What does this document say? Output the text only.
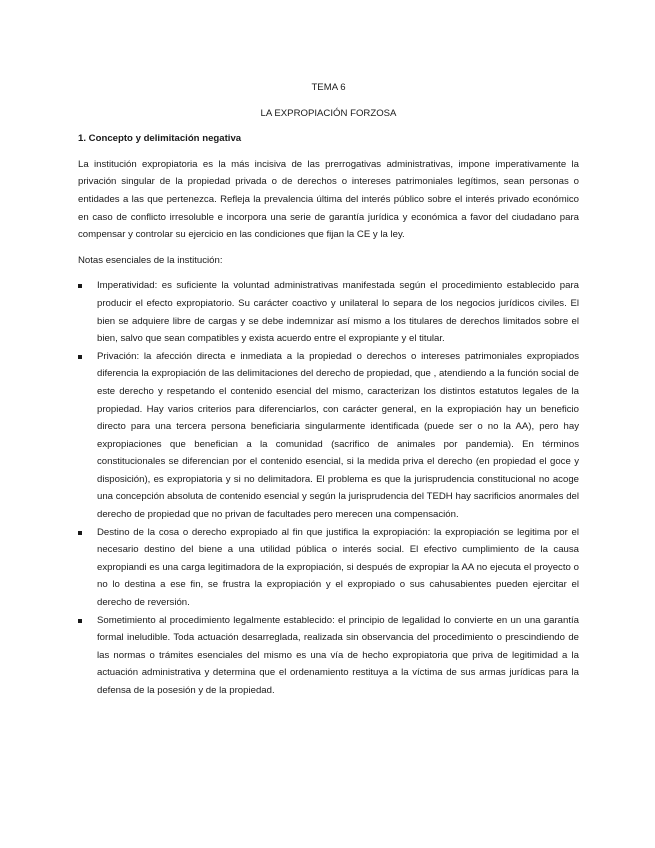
TEMA 6

LA EXPROPIACIÓN FORZOSA

1. Concepto y delimitación negativa

La institución expropiatoria es la más incisiva de las prerrogativas administrativas, impone imperativamente la privación singular de la propiedad privada o de derechos o intereses patrimoniales legítimos, sean personas o entidades a las que pertenezca. Refleja la prevalencia última del interés público sobre el interés privado económico en caso de conflicto irresoluble e incorpora una serie de garantía jurídica y económica a favor del ciudadano para compensar y controlar su ejercicio en las condiciones que fijan la CE y la ley.

Notas esenciales de la institución:

Imperatividad: es suficiente la voluntad administrativas manifestada según el procedimiento establecido para producir el efecto expropiatorio. Su carácter coactivo y unilateral lo separa de los negocios jurídicos civiles. El bien se adquiere libre de cargas y se debe indemnizar así mismo a los titulares de derechos limitados sobre el bien, salvo que sean compatibles y exista acuerdo entre el expropiante y el titular.
Privación: la afección directa e inmediata a la propiedad o derechos o intereses patrimoniales expropiados diferencia la expropiación de las delimitaciones del derecho de propiedad, que , atendiendo a la función social de este derecho y respetando el contenido esencial del mismo, caracterizan los distintos estatutos legales de la propiedad. Hay varios criterios para diferenciarlos, con carácter general, en la expropiación hay un beneficio directo para una tercera persona beneficiaria singularmente identificada (puede ser o no la AA), pero hay expropiaciones que benefician a la comunidad (sacrifico de animales por pandemia). En términos constitucionales se diferencian por el contenido esencial, si la medida priva el derecho (en propiedad el goce y disposición), es expropiatoria y si no delimitadora. El problema es que la jurisprudencia constitucional no acoge una concepción absoluta de contenido esencial y según la jurisprudencia del TEDH hay sacrificios anormales del derecho de propiedad que no privan de facultades pero merecen una compensación.
Destino de la cosa o derecho expropiado al fin que justifica la expropiación: la expropiación se legitima por el necesario destino del biene a una utilidad pública o interés social. El efectivo cumplimiento de la causa expropiandi es una carga legitimadora de la expropiación, si después de expropiar la AA no ejecuta el proyecto o no lo destina a ese fin, se frustra la expropiación y el expropiado o sus cahusabientes pueden ejercitar el derecho de reversión.
Sometimiento al procedimiento legalmente establecido: el principio de legalidad lo convierte en un una garantía formal ineludible. Toda actuación desarreglada, realizada sin observancia del procedimiento o prescindiendo de las normas o trámites esenciales del mismo es una vía de hecho expropiatoria que priva de legitimidad a la actuación administrativa y determina que el ordenamiento restituya a la víctima de sus armas jurídicas para la defensa de la posesión y de la propiedad.
